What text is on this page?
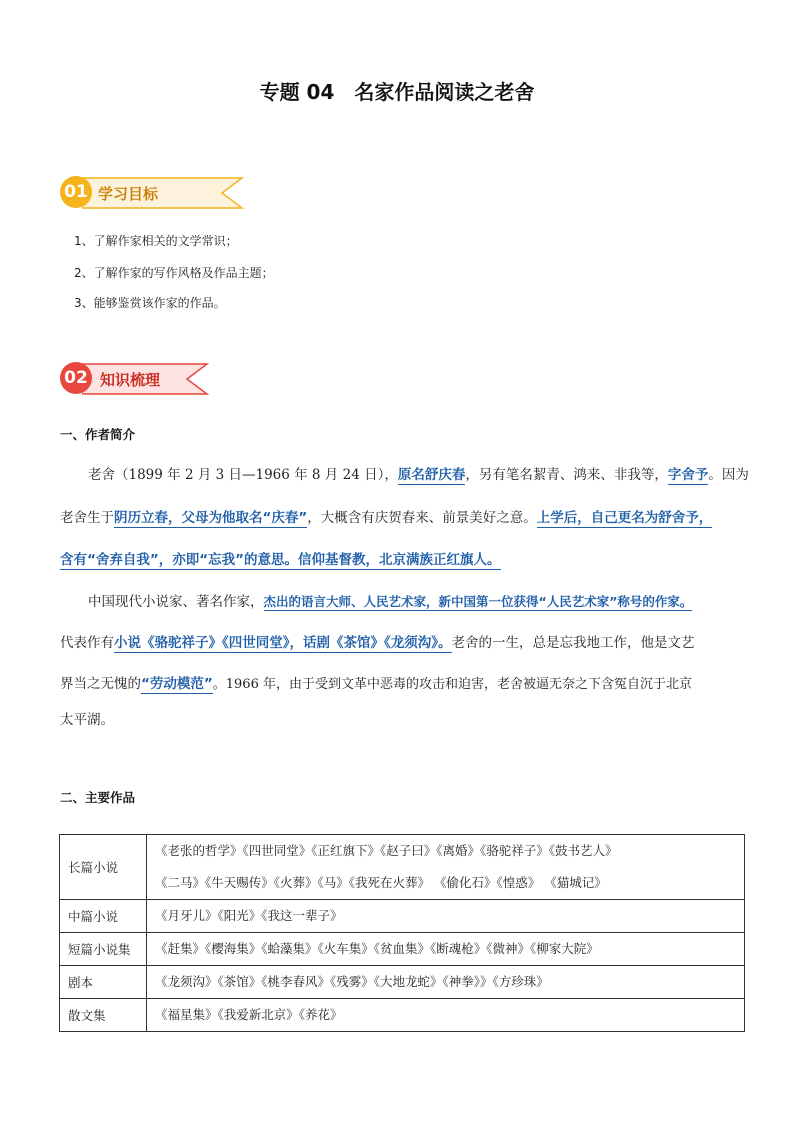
专题 04　名家作品阅读之老舍
01 学习目标
1、了解作家相关的文学常识；
2、了解作家的写作风格及作品主题；
3、能够鉴赏该作家的作品。
02 知识梳理
一、作者简介
老舍（1899 年 2 月 3 日—1966 年 8 月 24 日），原名舒庆春，另有笔名絜青、鸿来、非我等，字舍予。因为
老舍生于阴历立春，父母为他取名“庆春”，大概含有庆贺春来、前景美好之意。上学后，自己更名为舒舍予，
含有“舍弃自我”，亦即“忘我”的意思。信仰基督教，北京满族正红旗人。
中国现代小说家、著名作家，杰出的语言大师、人民艺术家，新中国第一位获得“人民艺术家”称号的作家。
代表作有小说《骆驼祥子》《四世同堂》，话剧《茶馆》《龙须沟》。老舍的一生，总是忘我地工作，他是文艺
界当之无愧的“劳动模范”。1966 年，由于受到文革中恶毒的攻击和迫害，老舍被逼无奈之下含冤自沉于北京
太平湖。
二、主要作品
长篇小说	《老张的哲学》《四世同堂》《正红旗下》《赵子曰》《离婚》《骆驼祥子》《鼓书艺人》
《二马》《牛天赐传》《火葬》《马》《我死在火葬》 《偷化石》《惶惑》 《猫城记》

中篇小说	《月牙儿》《阳光》《我这一辈子》

短篇小说集	《赶集》《樱海集》《蛤藻集》《火车集》《贫血集》《断魂枪》《微神》《柳家大院》

剧本	《龙须沟》《茶馆》《桃李春风》《残雾》《大地龙蛇》《神拳》》《方珍珠》

散文集	《福星集》《我爱新北京》《养花》
